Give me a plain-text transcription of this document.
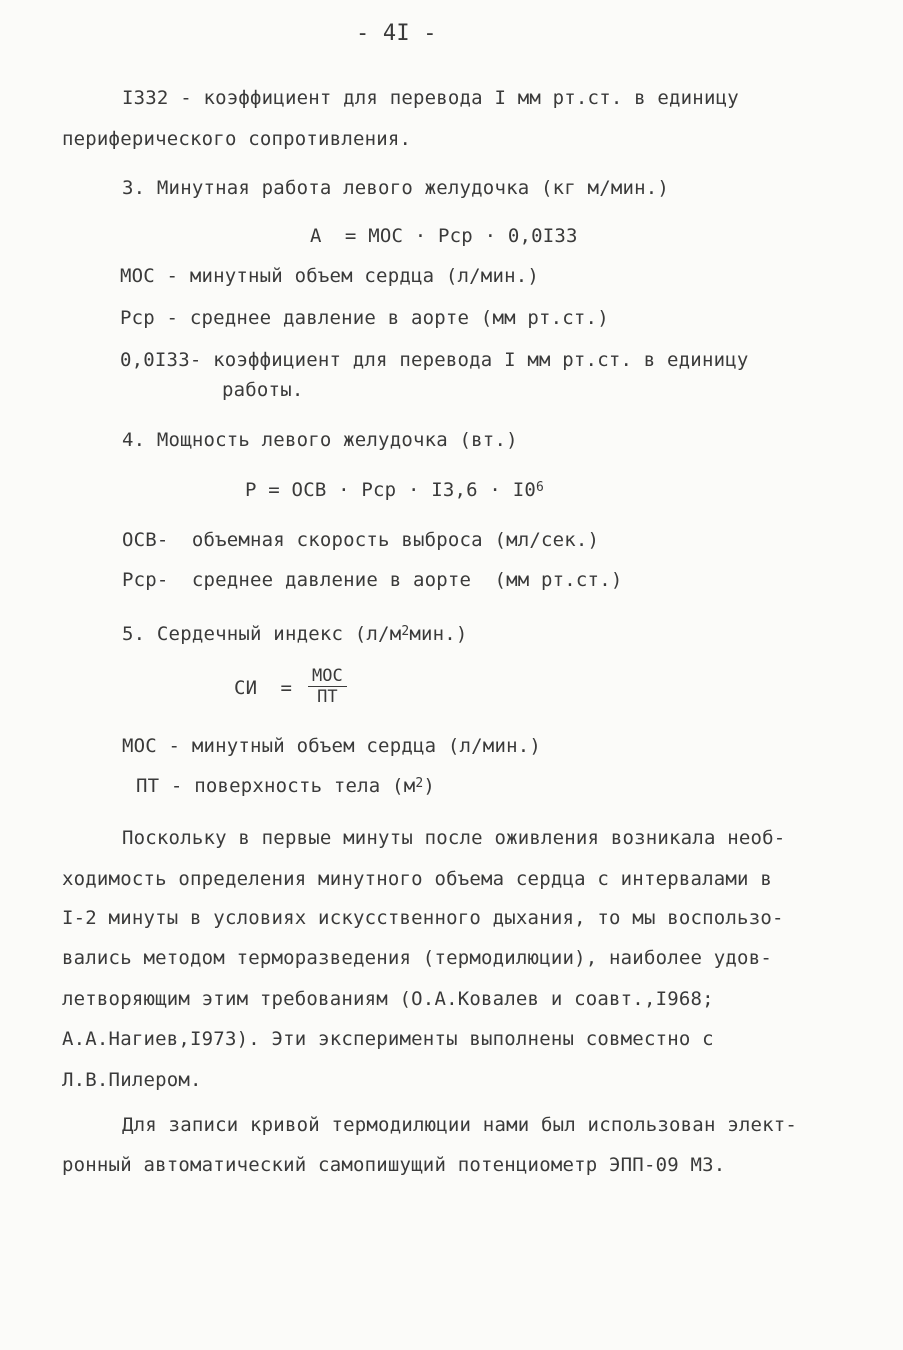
- 4I -
I332 - коэффициент для перевода I мм рт.ст. в единицу
периферического сопротивления.
3. Минутная работа левого желудочка (кг м/мин.)
А  = МОС · Рср · 0,0I33
МОС - минутный объем сердца (л/мин.)
Рср - среднее давление в аорте (мм рт.ст.)
0,0I33- коэффициент для перевода I мм рт.ст. в единицу
работы.
4. Мощность левого желудочка (вт.)
Р = ОСВ · Рср · $I3,6 \cdot I0^6$
ОСВ-  объемная скорость выброса (мл/сек.)
Рср-  среднее давление в аорте  (мм рт.ст.)
5. Сердечный индекс $(л/м^2мин.)$
СИ  =
МОС
ПТ
МОС - минутный объем сердца (л/мин.)
ПТ - поверхность тела $(м^2)$
Поскольку в первые минуты после оживления возникала необ-
ходимость определения минутного объема сердца с интервалами в
I-2 минуты в условиях искусственного дыхания, то мы воспользо-
вались методом терморазведения (термодилюции), наиболее удов-
летворяющим этим требованиям (О.А.Ковалев и соавт.,I968;
А.А.Нагиев,I973). Эти эксперименты выполнены совместно с
Л.В.Пилером.
Для записи кривой термодилюции нами был использован элект-
ронный автоматический самопишущий потенциометр ЭПП-09 М3.
